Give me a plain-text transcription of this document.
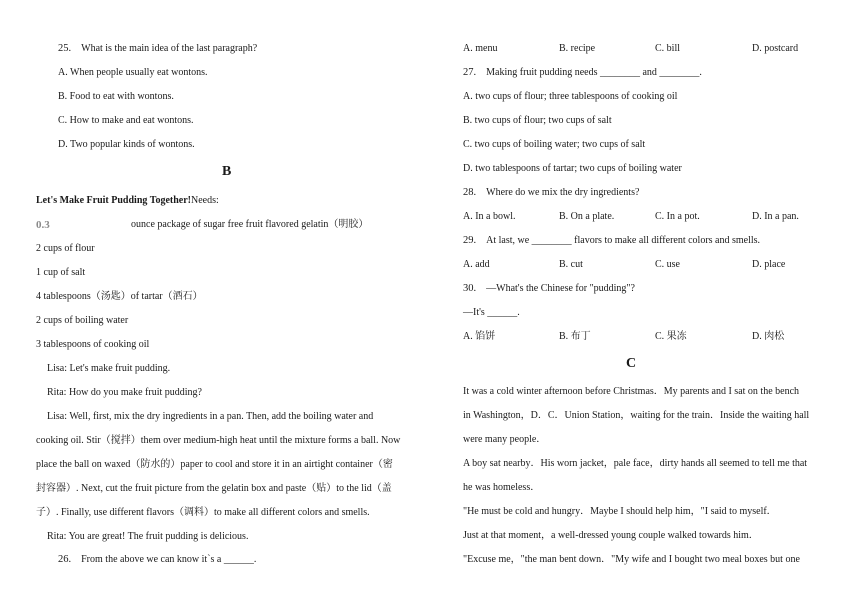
25. What is the main idea of the last paragraph?
A. When people usually eat wontons.
B. Food to eat with wontons.
C. How to make and eat wontons.
D. Two popular kinds of wontons.
B
Let's Make Fruit Pudding Together!Needs:
0.3	ounce package of sugar free fruit flavored gelatin（明胶）
2 cups of flour
1 cup of salt
4 tablespoons（汤匙）of tartar（酒石）
2 cups of boiling water
3 tablespoons of cooking oil
Lisa: Let's make fruit pudding.
Rita: How do you make fruit pudding?
Lisa: Well, first, mix the dry ingredients in a pan. Then, add the boiling water and
cooking oil. Stir（搅拌）them over medium-high heat until the mixture forms a ball. Now
place the ball on waxed（防水的）paper to cool and store it in an airtight container（密
封容器）. Next, cut the fruit picture from the gelatin box and paste（贴）to the lid（盖
子）. Finally, use different flavors（调料）to make all different colors and smells.
Rita: You are great! The fruit pudding is delicious.
26. From the above we can know it`s a ______.
A. menu	B. recipe	C. bill	D. postcard
27. Making fruit pudding needs ________ and ________.
A. two cups of flour; three tablespoons of cooking oil
B. two cups of flour; two cups of salt
C. two cups of boiling water; two cups of salt
D. two tablespoons of tartar; two cups of boiling water
28. Where do we mix the dry ingredients?
A. In a bowl.	B. On a plate.	C. In a pot.	D. In a pan.
29. At last, we ________ flavors to make all different colors and smells.
A. add	B. cut	C. use	D. place
30. —What's the Chinese for "pudding"?
—It's ______.
A. 馅饼	B. 布丁	C. 果冻	D. 肉松
C
It was a cold winter afternoon before Christmas．My parents and I sat on the bench
in Washington，D．C．Union Station，waiting for the train．Inside the waiting hall
were many people．
A boy sat nearby．His worn jacket，pale face，dirty hands all seemed to tell me that
he was homeless．
"He must be cold and hungry．Maybe I should help him，"I said to myself．
Just at that moment，a well-dressed young couple walked towards him．
"Excuse me，"the man bent down．"My wife and I bought two meal boxes but one
